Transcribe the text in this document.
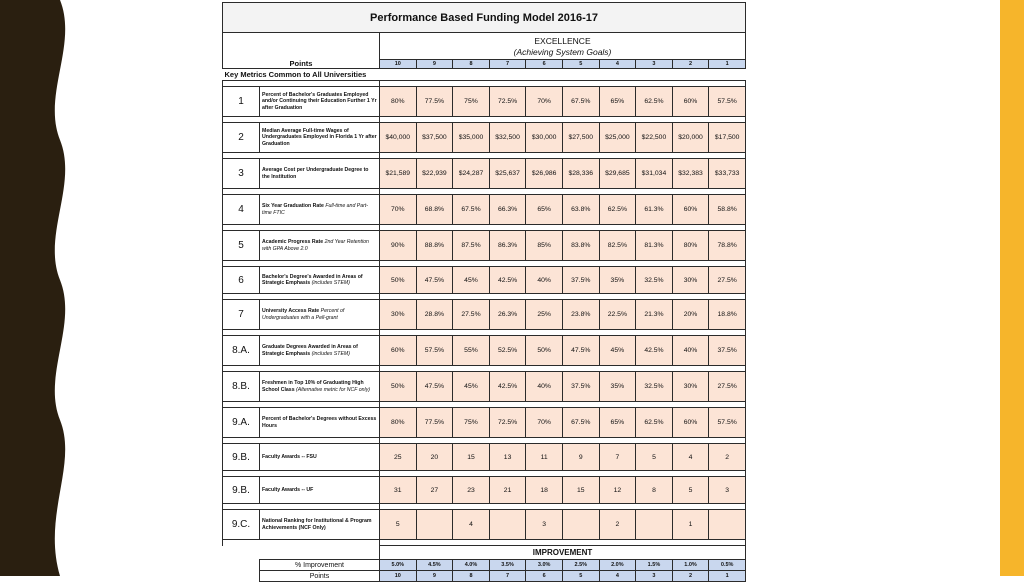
Performance Based Funding Model 2016-17											
Points		EXCELLENCE
(Achieving System Goals)									

		10	9	8	7	6	5	4	3	2	1
Key Metrics Common to All Universities											

1	Percent of Bachelor's Graduates Employed and/or Continuing their Education Further 1 Yr after Graduation	80%	77.5%	75%	72.5%	70%	67.5%	65%	62.5%	60%	57.5%

2	Median Average Full-time Wages of Undergraduates Employed in Florida 1 Yr after Graduation	$40,000	$37,500	$35,000	$32,500	$30,000	$27,500	$25,000	$22,500	$20,000	$17,500

3	Average Cost per Undergraduate Degree to the Institution	$21,589	$22,939	$24,287	$25,637	$26,986	$28,336	$29,685	$31,034	$32,383	$33,733

4	Six Year Graduation Rate Full-time and Part-time FTIC	70%	68.8%	67.5%	66.3%	65%	63.8%	62.5%	61.3%	60%	58.8%

5	Academic Progress Rate 2nd Year Retention with GPA Above 2.0	90%	88.8%	87.5%	86.3%	85%	83.8%	82.5%	81.3%	80%	78.8%

6	Bachelor's Degree's Awarded in Areas of Strategic Emphasis (includes STEM)	50%	47.5%	45%	42.5%	40%	37.5%	35%	32.5%	30%	27.5%

7	University Access Rate Percent of Undergraduates with a Pell-grant	30%	28.8%	27.5%	26.3%	25%	23.8%	22.5%	21.3%	20%	18.8%

8.A.	Graduate Degrees Awarded in Areas of Strategic Emphasis (includes STEM)	60%	57.5%	55%	52.5%	50%	47.5%	45%	42.5%	40%	37.5%

8.B.	Freshmen in Top 10% of Graduating High School Class (Alternative metric for NCF only)	50%	47.5%	45%	42.5%	40%	37.5%	35%	32.5%	30%	27.5%

9.A.	Percent of Bachelor's Degrees without Excess Hours	80%	77.5%	75%	72.5%	70%	67.5%	65%	62.5%	60%	57.5%

9.B.	Faculty Awards -- FSU	25	20	15	13	11	9	7	5	4	2

9.B.	Faculty Awards -- UF	31	27	23	21	18	15	12	8	5	3

9.C.	National Ranking for Institutional & Program Achievements (NCF Only)	5		4		3		2		1	

		IMPROVEMENT									
	% Improvement	5.0%	4.5%	4.0%	3.5%	3.0%	2.5%	2.0%	1.5%	1.0%	0.5%
	Points	10	9	8	7	6	5	4	3	2	1
